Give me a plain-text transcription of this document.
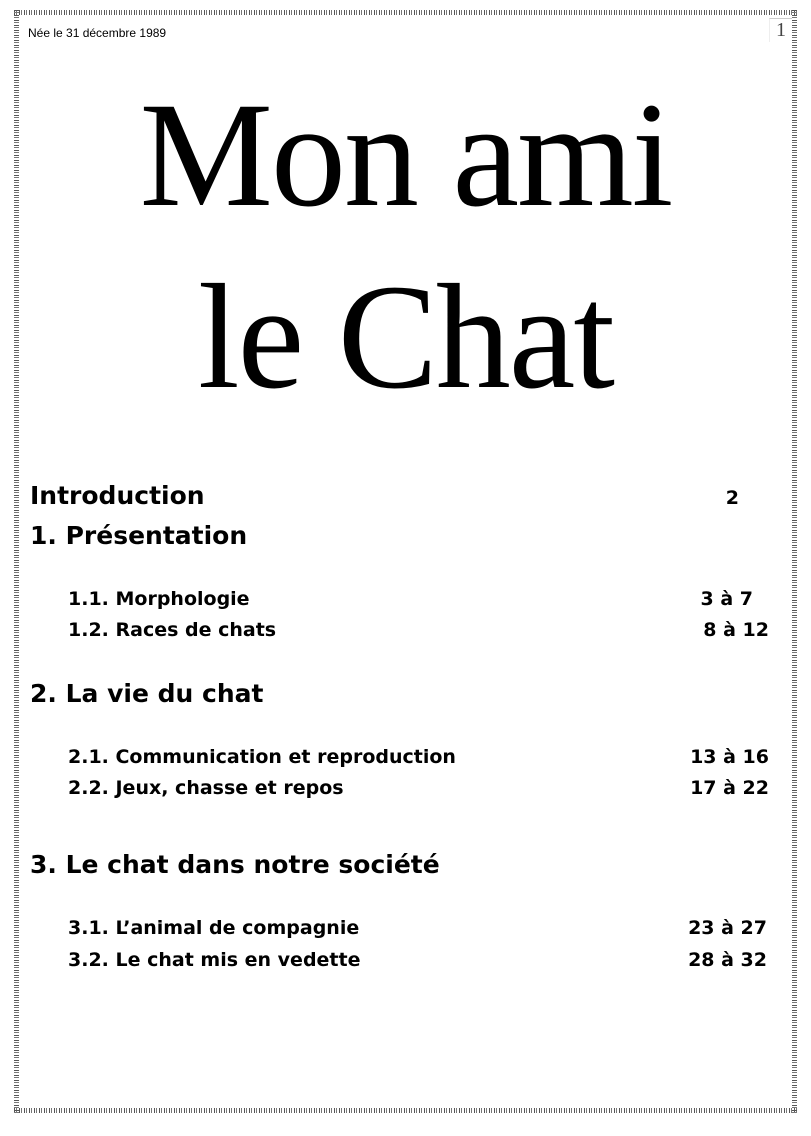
Née le 31 décembre 1989	1
Mon ami
le Chat
Introduction	2
1. Présentation
1.1. Morphologie	3 à 7
1.2. Races de chats	8 à 12
2. La vie du chat
2.1. Communication et reproduction	13 à 16
2.2. Jeux, chasse et repos	17 à 22
3. Le chat dans notre société
3.1. L’animal de compagnie	23 à 27
3.2. Le chat mis en vedette	28 à 32
